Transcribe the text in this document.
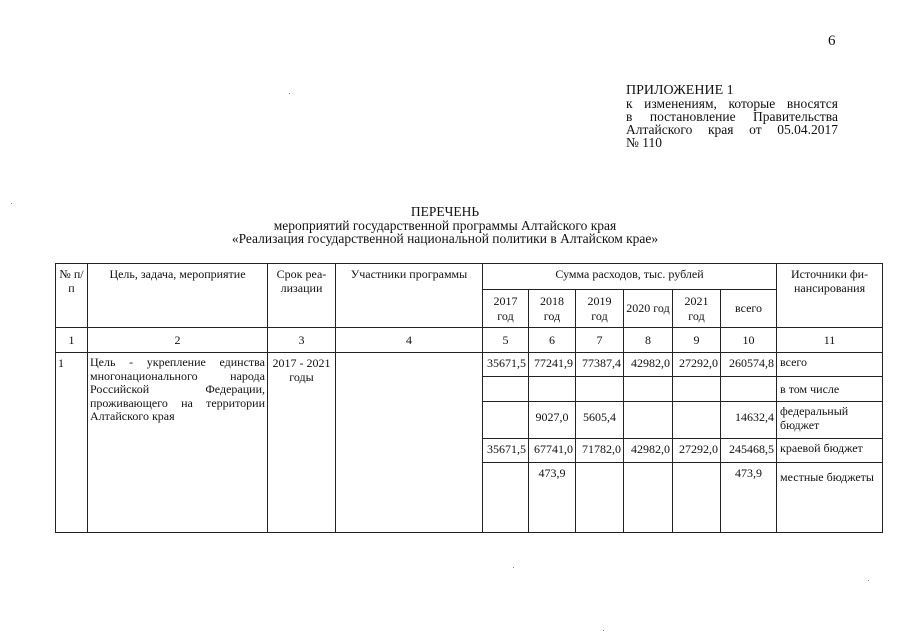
6
ПРИЛОЖЕНИЕ 1
к изменениям, которые вносятся
в постановление Правительства
Алтайского края от 05.04.2017
№ 110
ПЕРЕЧЕНЬ
мероприятий государственной программы Алтайского края
«Реализация государственной национальной политики в Алтайском крае»
№ п/п	Цель, задача, мероприятие	Срок реа-лизации	Участники программы	Сумма расходов, тыс. рублей						Источники фи-нансирования
				2017 год	2018 год	2019 год	2020 год	2021 год	всего	
1	2	3	4	5	6	7	8	9	10	11
1	Цель - укрепление единства многонационального народа Российской Федерации, проживающего на территории Алтайского края	2017 - 2021 годы		35671,5	77241,9	77387,4	42982,0	27292,0	260574,8	всего
										в том числе
					9027,0	5605,4			14632,4	федеральный бюджет
				35671,5	67741,0	71782,0	42982,0	27292,0	245468,5	краевой бюджет
					473,9				473,9	местные бюджеты
